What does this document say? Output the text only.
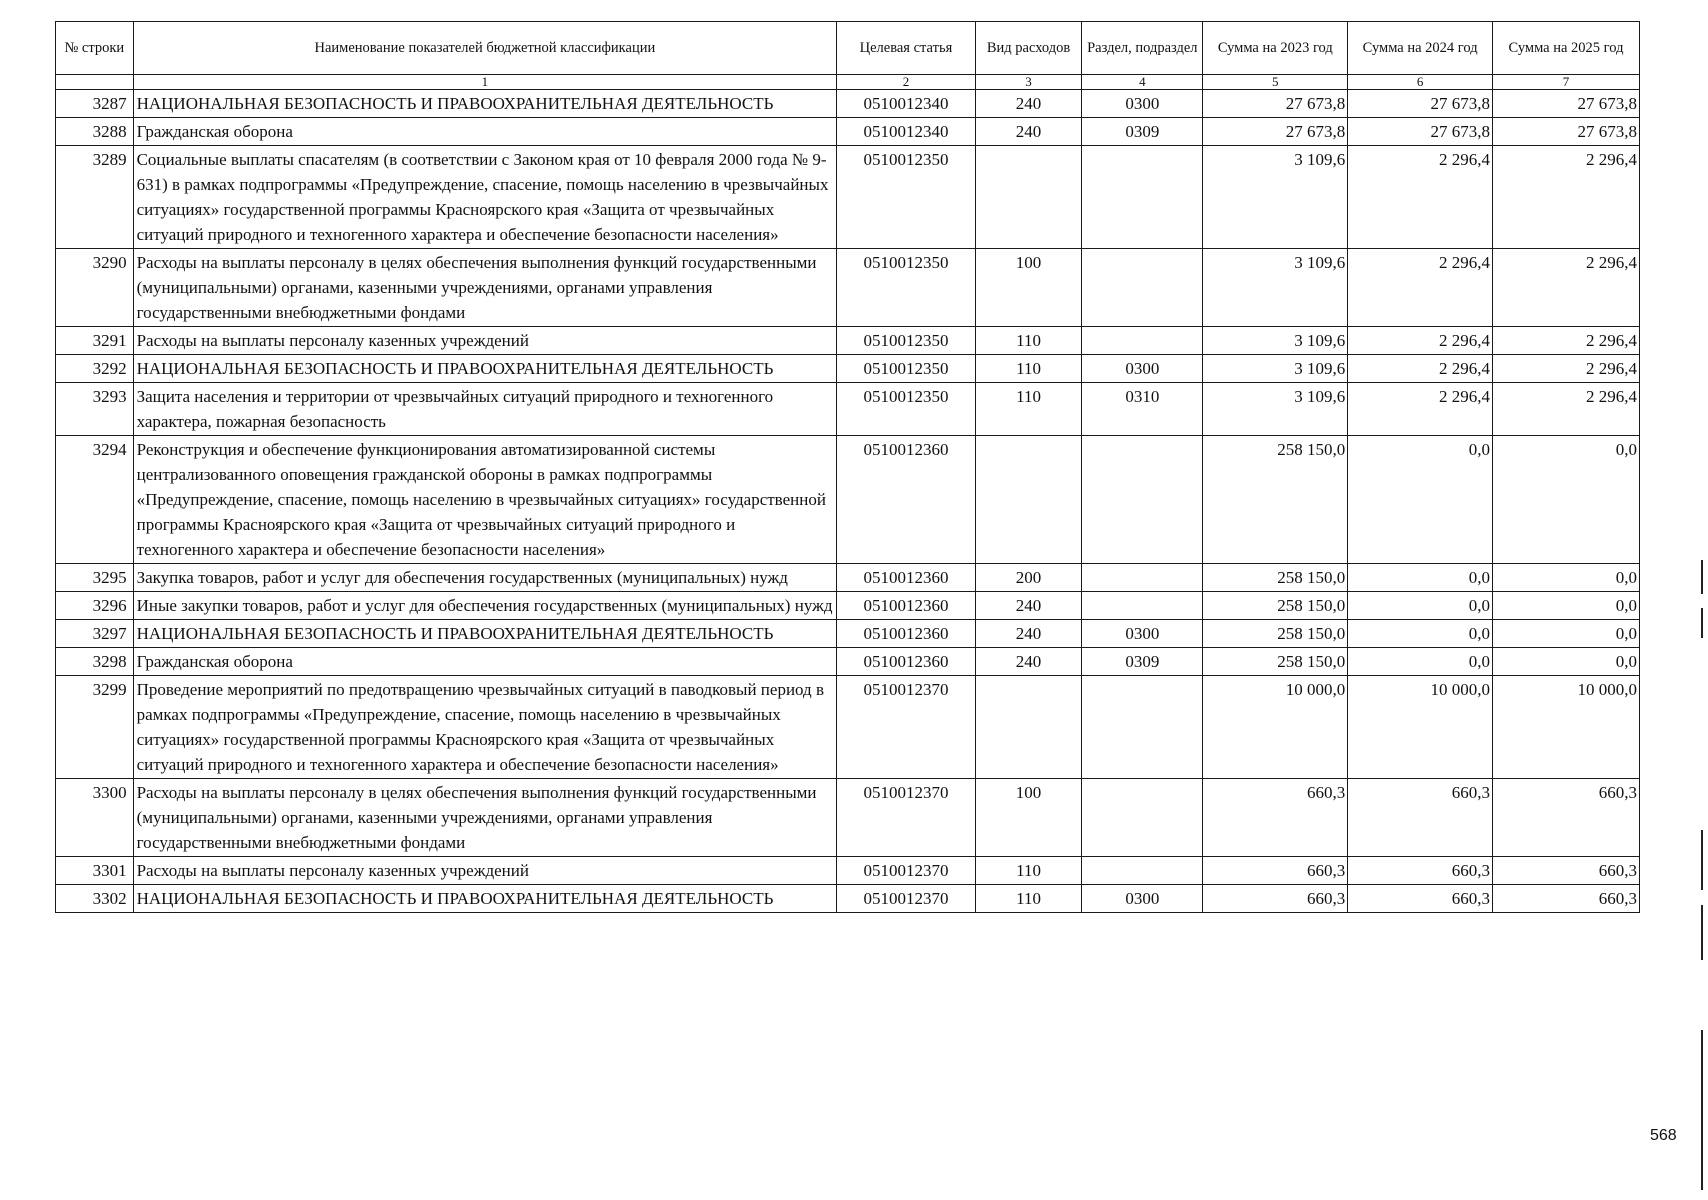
№ строки	Наименование показателей бюджетной классификации	Целевая статья	Вид расходов	Раздел, подраздел	Сумма на 2023 год	Сумма на 2024 год	Сумма на 2025 год
	1	2	3	4	5	6	7
3287	НАЦИОНАЛЬНАЯ БЕЗОПАСНОСТЬ И ПРАВООХРАНИТЕЛЬНАЯ ДЕЯТЕЛЬНОСТЬ	0510012340	240	0300	27 673,8	27 673,8	27 673,8
3288	Гражданская оборона	0510012340	240	0309	27 673,8	27 673,8	27 673,8
3289	Социальные выплаты спасателям (в соответствии с Законом края от 10 февраля 2000 года № 9-631) в рамках подпрограммы «Предупреждение, спасение, помощь населению в чрезвычайных ситуациях» государственной программы Красноярского края «Защита от чрезвычайных ситуаций природного и техногенного характера и обеспечение безопасности населения»	0510012350			3 109,6	2 296,4	2 296,4
3290	Расходы на выплаты персоналу в целях обеспечения выполнения функций государственными (муниципальными) органами, казенными учреждениями, органами управления государственными внебюджетными фондами	0510012350	100		3 109,6	2 296,4	2 296,4
3291	Расходы на выплаты персоналу казенных учреждений	0510012350	110		3 109,6	2 296,4	2 296,4
3292	НАЦИОНАЛЬНАЯ БЕЗОПАСНОСТЬ И ПРАВООХРАНИТЕЛЬНАЯ ДЕЯТЕЛЬНОСТЬ	0510012350	110	0300	3 109,6	2 296,4	2 296,4
3293	Защита населения и территории от чрезвычайных ситуаций природного и техногенного характера, пожарная безопасность	0510012350	110	0310	3 109,6	2 296,4	2 296,4
3294	Реконструкция и обеспечение функционирования автоматизированной системы централизованного оповещения гражданской обороны в рамках подпрограммы «Предупреждение, спасение, помощь населению в чрезвычайных ситуациях» государственной программы Красноярского края «Защита от чрезвычайных ситуаций природного и техногенного характера и обеспечение безопасности населения»	0510012360			258 150,0	0,0	0,0
3295	Закупка товаров, работ и услуг для обеспечения государственных (муниципальных) нужд	0510012360	200		258 150,0	0,0	0,0
3296	Иные закупки товаров, работ и услуг для обеспечения государственных (муниципальных) нужд	0510012360	240		258 150,0	0,0	0,0
3297	НАЦИОНАЛЬНАЯ БЕЗОПАСНОСТЬ И ПРАВООХРАНИТЕЛЬНАЯ ДЕЯТЕЛЬНОСТЬ	0510012360	240	0300	258 150,0	0,0	0,0
3298	Гражданская оборона	0510012360	240	0309	258 150,0	0,0	0,0
3299	Проведение мероприятий по предотвращению чрезвычайных ситуаций в паводковый период в рамках подпрограммы «Предупреждение, спасение, помощь населению в чрезвычайных ситуациях» государственной программы Красноярского края «Защита от чрезвычайных ситуаций природного и техногенного характера и обеспечение безопасности населения»	0510012370			10 000,0	10 000,0	10 000,0
3300	Расходы на выплаты персоналу в целях обеспечения выполнения функций государственными (муниципальными) органами, казенными учреждениями, органами управления государственными внебюджетными фондами	0510012370	100		660,3	660,3	660,3
3301	Расходы на выплаты персоналу казенных учреждений	0510012370	110		660,3	660,3	660,3
3302	НАЦИОНАЛЬНАЯ БЕЗОПАСНОСТЬ И ПРАВООХРАНИТЕЛЬНАЯ ДЕЯТЕЛЬНОСТЬ	0510012370	110	0300	660,3	660,3	660,3
568
